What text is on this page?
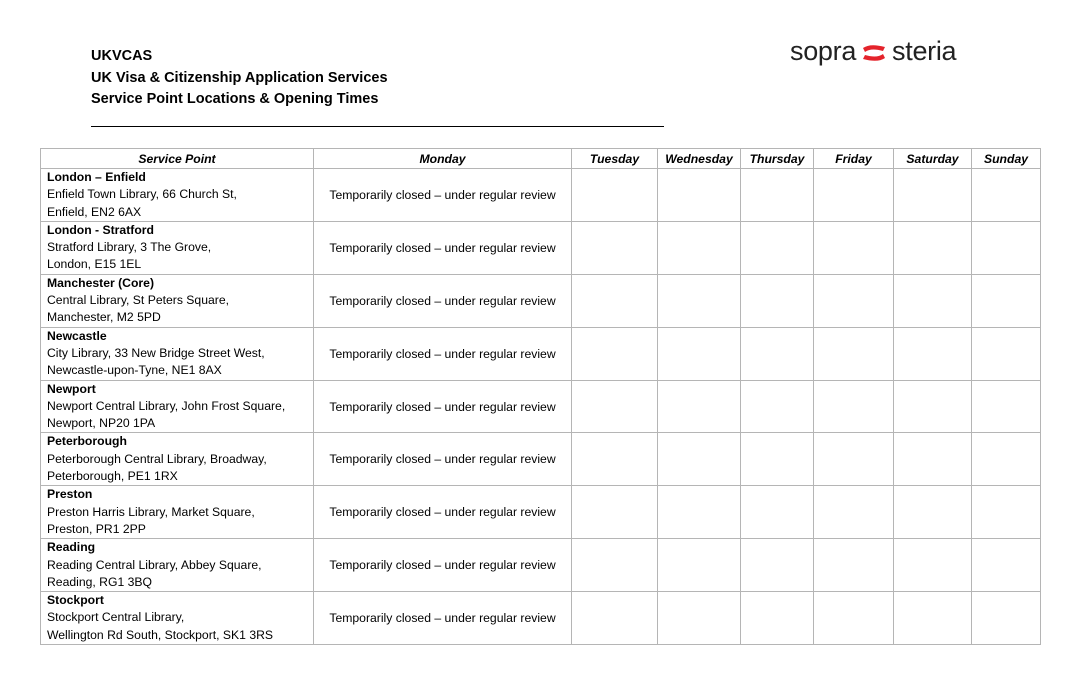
UKVCAS
UK Visa & Citizenship Application Services
Service Point Locations & Opening Times
sopra steria
Service Point	Monday	Tuesday	Wednesday	Thursday	Friday	Saturday	Sunday

London – Enfield
Enfield Town Library, 66 Church St,
Enfield, EN2 6AX	Temporarily closed – under regular review						

London - Stratford
Stratford Library, 3 The Grove,
London, E15 1EL	Temporarily closed – under regular review						

Manchester (Core)
Central Library, St Peters Square,
Manchester, M2 5PD	Temporarily closed – under regular review						

Newcastle
City Library, 33 New Bridge Street West,
Newcastle-upon-Tyne, NE1 8AX	Temporarily closed – under regular review						

Newport
Newport Central Library, John Frost Square,
Newport, NP20 1PA	Temporarily closed – under regular review						

Peterborough
Peterborough Central Library, Broadway,
Peterborough, PE1 1RX	Temporarily closed – under regular review						

Preston
Preston Harris Library, Market Square,
Preston, PR1 2PP	Temporarily closed – under regular review						

Reading
Reading Central Library, Abbey Square,
Reading, RG1 3BQ	Temporarily closed – under regular review						

Stockport
Stockport Central Library,
Wellington Rd South, Stockport, SK1 3RS	Temporarily closed – under regular review						
